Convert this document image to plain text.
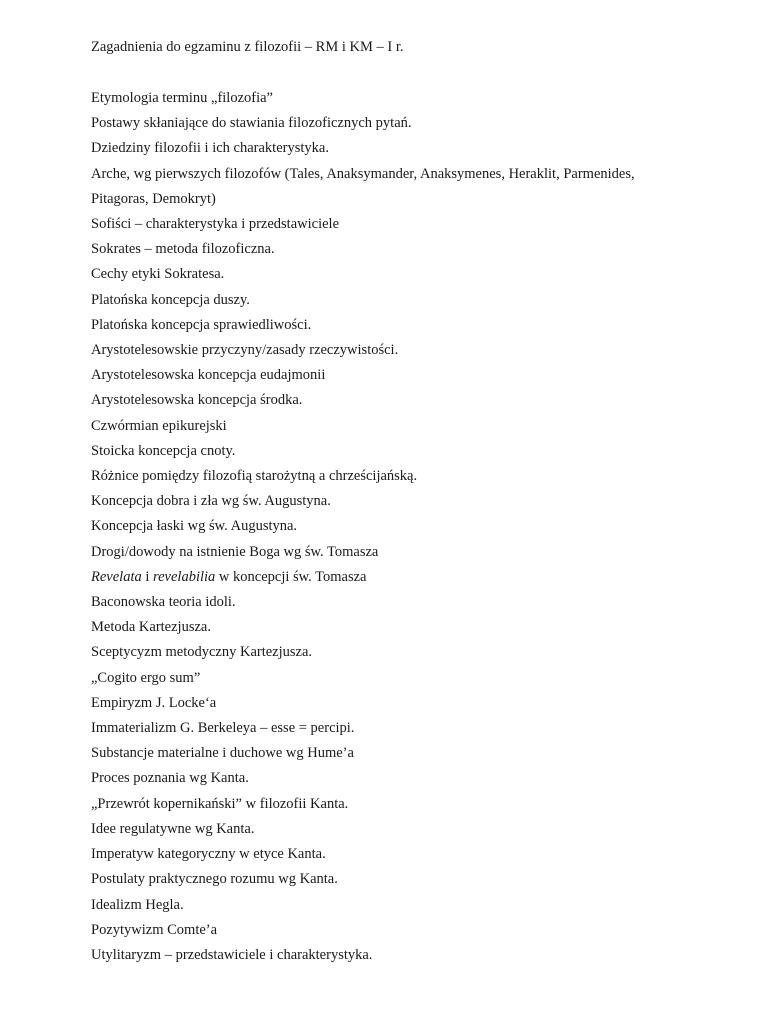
Zagadnienia do egzaminu z filozofii – RM i KM – I r.
Etymologia terminu „filozofia”
Postawy skłaniające do stawiania filozoficznych pytań.
Dziedziny filozofii i ich charakterystyka.
Arche, wg pierwszych filozofów (Tales, Anaksymander, Anaksymenes, Heraklit, Parmenides,
Pitagoras, Demokryt)
Sofiści – charakterystyka i przedstawiciele
Sokrates – metoda filozoficzna.
Cechy etyki Sokratesa.
Platońska koncepcja duszy.
Platońska koncepcja sprawiedliwości.
Arystotelesowskie przyczyny/zasady rzeczywistości.
Arystotelesowska koncepcja eudajmonii
Arystotelesowska koncepcja środka.
Czwórmian epikurejski
Stoicka koncepcja cnoty.
Różnice pomiędzy filozofią starożytną a chrześcijańską.
Koncepcja dobra i zła wg św. Augustyna.
Koncepcja łaski wg św. Augustyna.
Drogi/dowody na istnienie Boga wg św. Tomasza
Revelata i revelabilia w koncepcji św. Tomasza
Baconowska teoria idoli.
Metoda Kartezjusza.
Sceptycyzm metodyczny Kartezjusza.
„Cogito ergo sum”
Empiryzm J. Locke‘a
Immaterializm G. Berkeleya – esse = percipi.
Substancje materialne i duchowe wg Hume’a
Proces poznania wg Kanta.
„Przewrót kopernikański” w filozofii Kanta.
Idee regulatywne wg Kanta.
Imperatyw kategoryczny w etyce Kanta.
Postulaty praktycznego rozumu wg Kanta.
Idealizm Hegla.
Pozytywizm Comte’a
Utylitaryzm – przedstawiciele i charakterystyka.
